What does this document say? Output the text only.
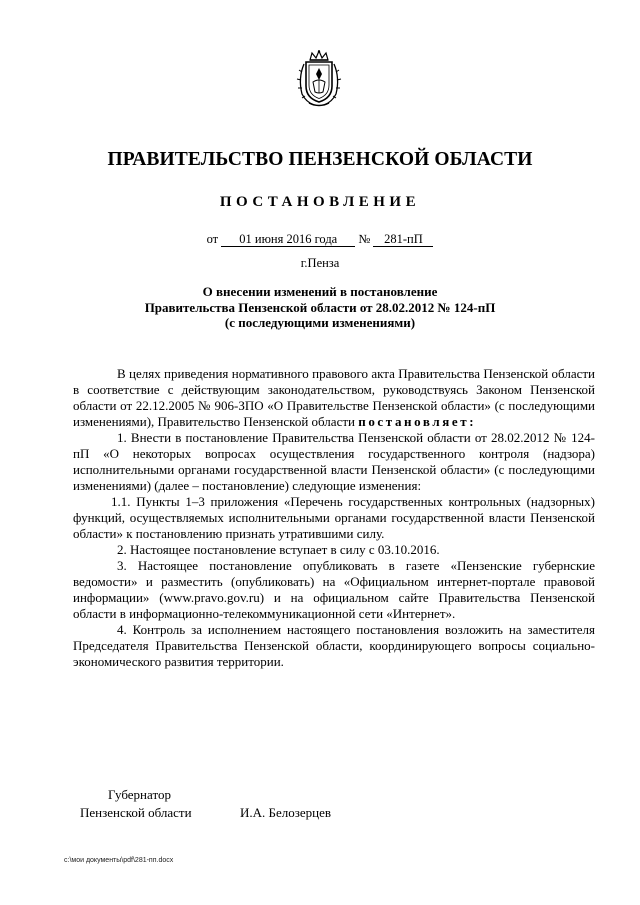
ПРАВИТЕЛЬСТВО ПЕНЗЕНСКОЙ ОБЛАСТИ
ПОСТАНОВЛЕНИЕ
от 01 июня 2016 года № 281-пП
г.Пенза
О внесении изменений в постановление
Правительства Пензенской области от 28.02.2012 № 124-пП
(с последующими изменениями)

В целях приведения нормативного правового акта Правительства Пензенской области в соответствие с действующим законодательством, руководствуясь Законом Пензенской области от 22.12.2005 № 906-ЗПО «О Правительстве Пензенской области» (с последующими изменениями), Правительство Пензенской области постановляет:

1. Внести в постановление Правительства Пензенской области от 28.02.2012 № 124-пП «О некоторых вопросах осуществления государственного контроля (надзора) исполнительными органами государственной власти Пензенской области» (с последующими изменениями) (далее – постановление) следующие изменения:

1.1. Пункты 1–3 приложения «Перечень государственных контрольных (надзорных) функций, осуществляемых исполнительными органами государственной власти Пензенской области» к постановлению признать утратившими силу.

2. Настоящее постановление вступает в силу с 03.10.2016.

3. Настоящее постановление опубликовать в газете «Пензенские губернские ведомости» и разместить (опубликовать) на «Официальном интернет-портале правовой информации» (www.pravo.gov.ru) и на официальном сайте Правительства Пензенской области в информационно-телекоммуникационной сети «Интернет».

4. Контроль за исполнением настоящего постановления возложить на заместителя Председателя Правительства Пензенской области, координирующего вопросы социально-экономического развития территории.

Губернатор
Пензенской области	И.А. Белозерцев
c:\мои документы\pdf\281-пп.docx
